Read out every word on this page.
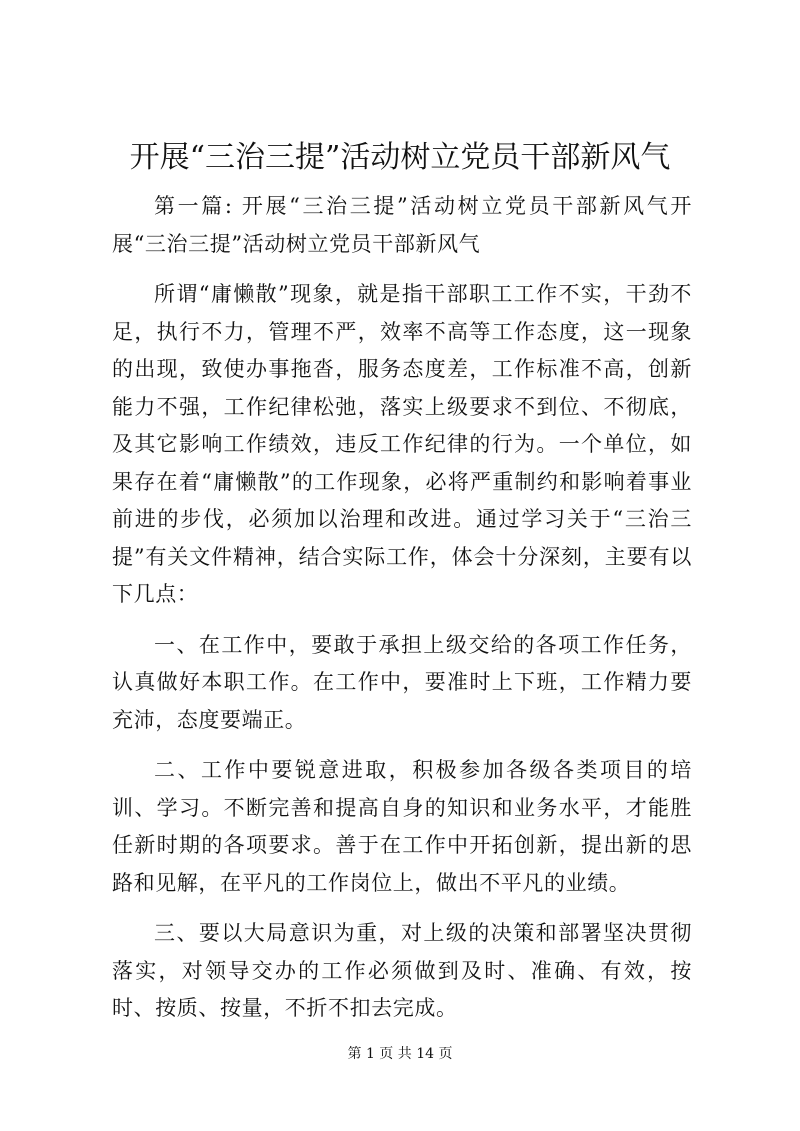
开展“三治三提”活动树立党员干部新风气

第一篇: 开展“三治三提”活动树立党员干部新风气开展“三治三提”活动树立党员干部新风气

所谓“庸懒散”现象，就是指干部职工工作不实，干劲不足，执行不力，管理不严，效率不高等工作态度，这一现象的出现，致使办事拖沓，服务态度差，工作标准不高，创新能力不强，工作纪律松弛，落实上级要求不到位、不彻底，及其它影响工作绩效，违反工作纪律的行为。一个单位，如果存在着“庸懒散”的工作现象，必将严重制约和影响着事业前进的步伐，必须加以治理和改进。通过学习关于“三治三提”有关文件精神，结合实际工作，体会十分深刻，主要有以下几点：

一、在工作中，要敢于承担上级交给的各项工作任务，认真做好本职工作。在工作中，要准时上下班，工作精力要充沛，态度要端正。

二、工作中要锐意进取，积极参加各级各类项目的培训、学习。不断完善和提高自身的知识和业务水平，才能胜任新时期的各项要求。善于在工作中开拓创新，提出新的思路和见解，在平凡的工作岗位上，做出不平凡的业绩。

三、要以大局意识为重，对上级的决策和部署坚决贯彻落实，对领导交办的工作必须做到及时、准确、有效，按时、按质、按量，不折不扣去完成。

第 1 页 共 14 页
